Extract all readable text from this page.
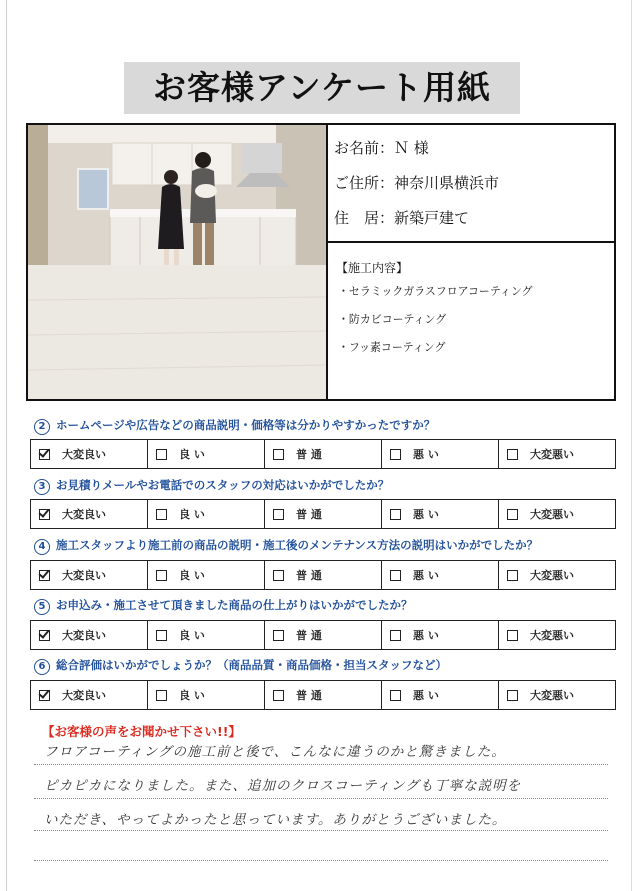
お客様アンケート用紙
お名前：Ｎ 様
ご住所：神奈川県横浜市
住　居：新築戸建て
【施工内容】
・セラミックガラスフロアコーティング
・防カビコーティング
・フッ素コーティング
2 ホームページや広告などの商品説明・価格等は分かりやすかったですか？
大変良い	良 い	普 通	悪 い	大変悪い
3 お見積りメールやお電話でのスタッフの対応はいかがでしたか？
大変良い	良 い	普 通	悪 い	大変悪い
4 施工スタッフより施工前の商品の説明・施工後のメンテナンス方法の説明はいかがでしたか？
大変良い	良 い	普 通	悪 い	大変悪い
5 お申込み・施工させて頂きました商品の仕上がりはいかがでしたか？
大変良い	良 い	普 通	悪 い	大変悪い
6 総合評価はいかがでしょうか？（商品品質・商品価格・担当スタッフなど）
大変良い	良 い	普 通	悪 い	大変悪い
【お客様の声をお聞かせ下さい!!】
フロアコーティングの施工前と後で、こんなに違うのかと驚きました。
ピカピカになりました。また、追加のクロスコーティングも丁寧な説明を
いただき、やってよかったと思っています。ありがとうございました。
